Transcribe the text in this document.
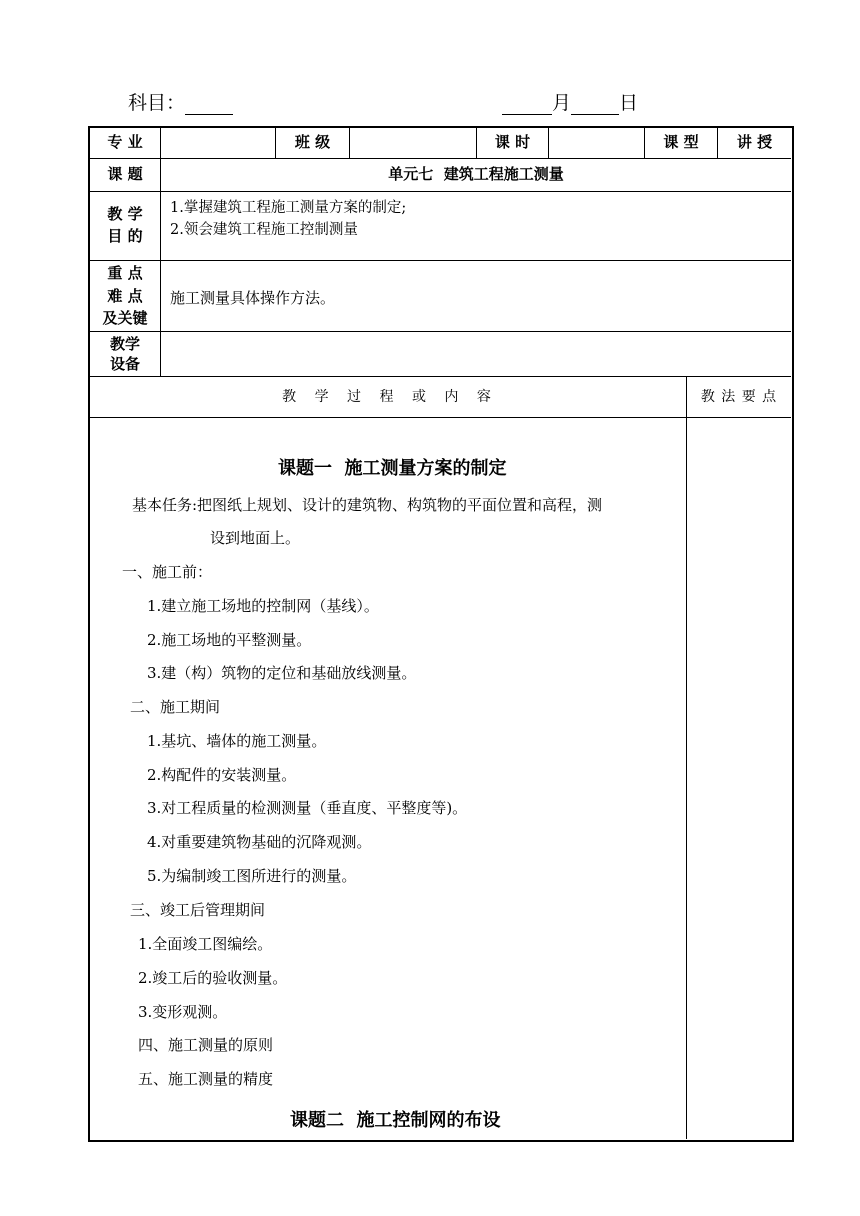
科目：	月	日
专 业	班 级	课 时	课 型	讲 授
课 题	单元七  建筑工程施工测量
教 学
目 的
1.掌握建筑工程施工测量方案的制定;
2.领会建筑工程施工控制测量
重 点
难 点
及关键
施工测量具体操作方法。
教学
设备
教 学 过 程 或 内 容	教 法 要 点
课题一  施工测量方案的制定
基本任务:把图纸上规划、设计的建筑物、构筑物的平面位置和高程，测
设到地面上。
一、施工前：
1.建立施工场地的控制网（基线）。
2.施工场地的平整测量。
3.建（构）筑物的定位和基础放线测量。
二、施工期间
1.基坑、墙体的施工测量。
2.构配件的安装测量。
3.对工程质量的检测测量（垂直度、平整度等)。
4.对重要建筑物基础的沉降观测。
5.为编制竣工图所进行的测量。
三、竣工后管理期间
1.全面竣工图编绘。
2.竣工后的验收测量。
3.变形观测。
四、施工测量的原则
五、施工测量的精度
课题二  施工控制网的布设
